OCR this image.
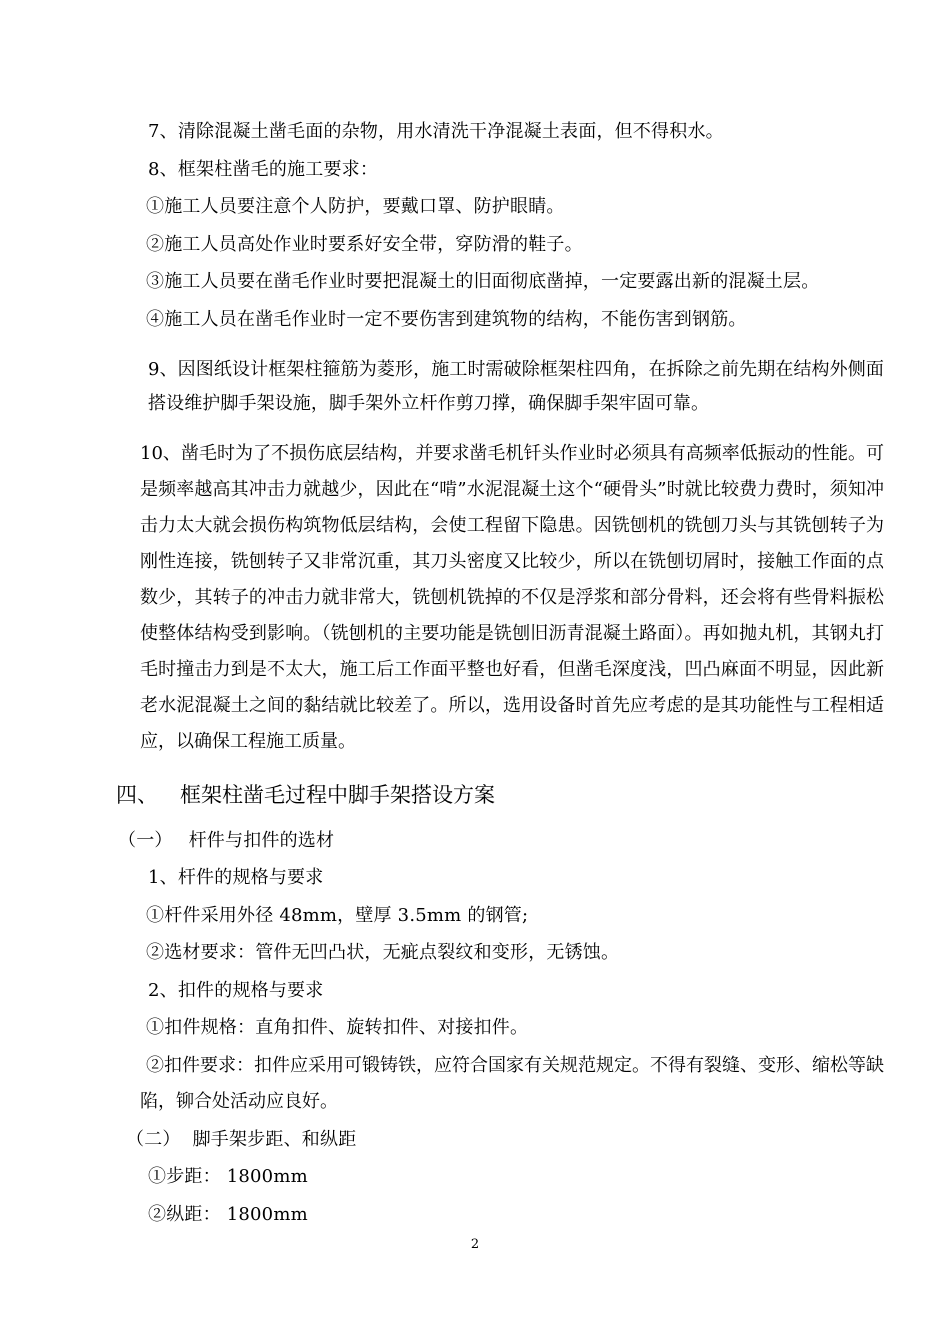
7、清除混凝土凿毛面的杂物，用水清洗干净混凝土表面，但不得积水。
8、框架柱凿毛的施工要求：
①施工人员要注意个人防护，要戴口罩、防护眼睛。
②施工人员高处作业时要系好安全带，穿防滑的鞋子。
③施工人员要在凿毛作业时要把混凝土的旧面彻底凿掉，一定要露出新的混凝土层。
④施工人员在凿毛作业时一定不要伤害到建筑物的结构，不能伤害到钢筋。
9、因图纸设计框架柱箍筋为菱形，施工时需破除框架柱四角，在拆除之前先期在结构外侧面搭设维护脚手架设施，脚手架外立杆作剪刀撑，确保脚手架牢固可靠。
10、凿毛时为了不损伤底层结构，并要求凿毛机钎头作业时必须具有高频率低振动的性能。可是频率越高其冲击力就越少，因此在“啃”水泥混凝土这个“硬骨头”时就比较费力费时，须知冲击力太大就会损伤构筑物低层结构，会使工程留下隐患。因铣刨机的铣刨刀头与其铣刨转子为刚性连接，铣刨转子又非常沉重，其刀头密度又比较少，所以在铣刨切屑时，接触工作面的点数少，其转子的冲击力就非常大，铣刨机铣掉的不仅是浮浆和部分骨料，还会将有些骨料振松使整体结构受到影响。（铣刨机的主要功能是铣刨旧沥青混凝土路面）。再如抛丸机，其钢丸打毛时撞击力到是不太大，施工后工作面平整也好看，但凿毛深度浅，凹凸麻面不明显，因此新老水泥混凝土之间的黏结就比较差了。所以，选用设备时首先应考虑的是其功能性与工程相适应，以确保工程施工质量。
四、 框架柱凿毛过程中脚手架搭设方案
（一） 杆件与扣件的选材
1、杆件的规格与要求
①杆件采用外径 48mm，壁厚 3.5mm 的钢管;
②选材要求：管件无凹凸状，无疵点裂纹和变形，无锈蚀。
2、扣件的规格与要求
①扣件规格：直角扣件、旋转扣件、对接扣件。
②扣件要求：扣件应采用可锻铸铁，应符合国家有关规范规定。不得有裂缝、变形、缩松等缺陷，铆合处活动应良好。
（二） 脚手架步距、和纵距
①步距： 1800mm
②纵距： 1800mm
2
